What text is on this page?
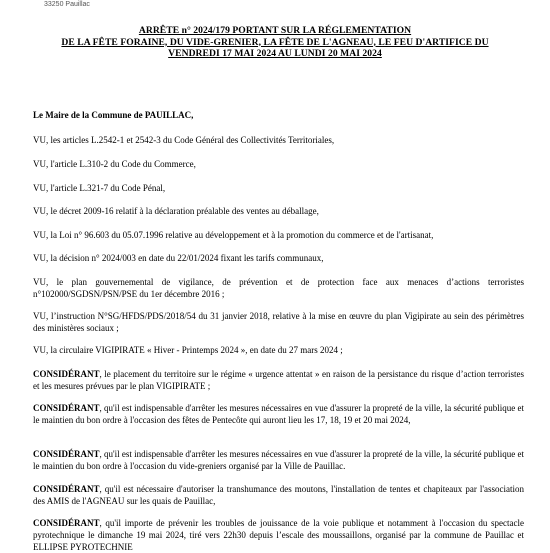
33250 Pauillac
ARRÊTE n° 2024/179 PORTANT SUR LA RÉGLEMENTATION
DE LA FÊTE FORAINE, DU VIDE-GRENIER, LA FÊTE DE L'AGNEAU, LE FEU D'ARTIFICE DU
VENDREDI 17 MAI 2024 AU LUNDI 20 MAI 2024
Le Maire de la Commune de PAUILLAC,
VU, les articles L.2542-1 et 2542-3 du Code Général des Collectivités Territoriales,
VU, l'article L.310-2 du Code du Commerce,
VU, l'article L.321-7 du Code Pénal,
VU, le décret 2009-16 relatif à la déclaration préalable des ventes au déballage,
VU, la Loi n° 96.603 du 05.07.1996 relative au développement et à la promotion du commerce et de l'artisanat,
VU, la décision n° 2024/003 en date du 22/01/2024 fixant les tarifs communaux,
VU, le plan gouvernemental de vigilance, de prévention et de protection face aux menaces d’actions terroristes n°102000/SGDSN/PSN/PSE du 1er décembre 2016 ;
VU, l’instruction N°SG/HFDS/PDS/2018/54 du 31 janvier 2018, relative à la mise en œuvre du plan Vigipirate au sein des périmètres des ministères sociaux ;
VU, la circulaire VIGIPIRATE « Hiver - Printemps 2024 », en date du 27 mars 2024 ;
CONSIDÉRANT, le placement du territoire sur le régime « urgence attentat » en raison de la persistance du risque d’action terroristes et les mesures prévues par le plan VIGIPIRATE ;
CONSIDÉRANT, qu'il est indispensable d'arrêter les mesures nécessaires en vue d'assurer la propreté de la ville, la sécurité publique et le maintien du bon ordre à l'occasion des fêtes de Pentecôte qui auront lieu les 17, 18, 19 et 20 mai 2024,
CONSIDÉRANT, qu'il est indispensable d'arrêter les mesures nécessaires en vue d'assurer la propreté de la ville, la sécurité publique et le maintien du bon ordre à l'occasion du vide-greniers organisé par la Ville de Pauillac.
CONSIDÉRANT, qu'il est nécessaire d'autoriser la transhumance des moutons, l'installation de tentes et chapiteaux par l'association des AMIS de l'AGNEAU sur les quais de Pauillac,
CONSIDÉRANT, qu'il importe de prévenir les troubles de jouissance de la voie publique et notamment à l'occasion du spectacle pyrotechnique le dimanche 19 mai 2024, tiré vers 22h30 depuis l’escale des moussaillons, organisé par la commune de Pauillac et ELLIPSE PYROTECHNIE
